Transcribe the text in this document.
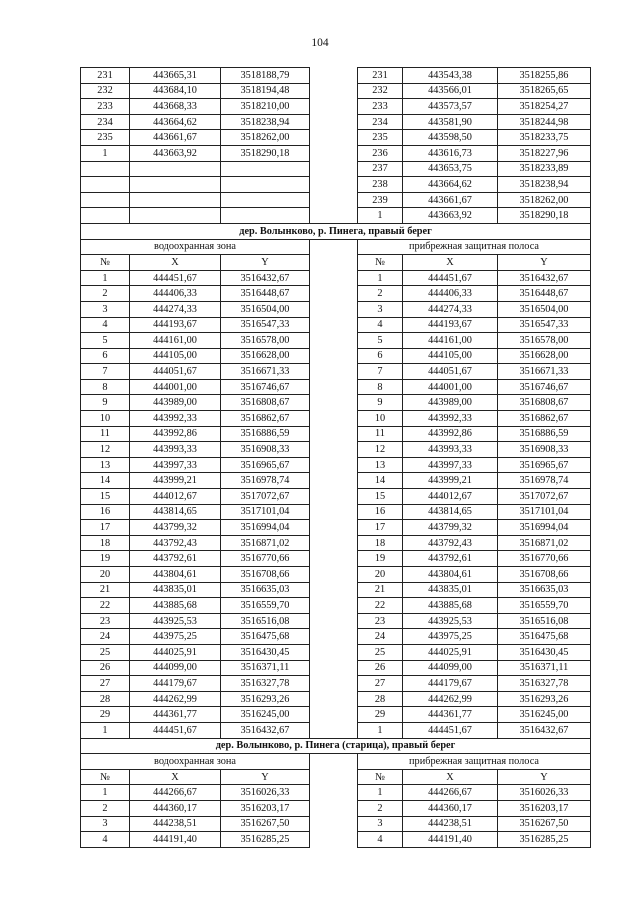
104
231	443665,31	3518188,79		231	443543,38	3518255,86
232	443684,10	3518194,48		232	443566,01	3518265,65
233	443668,33	3518210,00		233	443573,57	3518254,27
234	443664,62	3518238,94		234	443581,90	3518244,98
235	443661,67	3518262,00		235	443598,50	3518233,75
1	443663,92	3518290,18		236	443616,73	3518227,96
				237	443653,75	3518233,89
				238	443664,62	3518238,94
				239	443661,67	3518262,00
				1	443663,92	3518290,18
дер. Волынково, р. Пинега, правый берег						
водоохранная зона				прибрежная защитная полоса		
№	X	Y		№	X	Y
1	444451,67	3516432,67		1	444451,67	3516432,67
2	444406,33	3516448,67		2	444406,33	3516448,67
3	444274,33	3516504,00		3	444274,33	3516504,00
4	444193,67	3516547,33		4	444193,67	3516547,33
5	444161,00	3516578,00		5	444161,00	3516578,00
6	444105,00	3516628,00		6	444105,00	3516628,00
7	444051,67	3516671,33		7	444051,67	3516671,33
8	444001,00	3516746,67		8	444001,00	3516746,67
9	443989,00	3516808,67		9	443989,00	3516808,67
10	443992,33	3516862,67		10	443992,33	3516862,67
11	443992,86	3516886,59		11	443992,86	3516886,59
12	443993,33	3516908,33		12	443993,33	3516908,33
13	443997,33	3516965,67		13	443997,33	3516965,67
14	443999,21	3516978,74		14	443999,21	3516978,74
15	444012,67	3517072,67		15	444012,67	3517072,67
16	443814,65	3517101,04		16	443814,65	3517101,04
17	443799,32	3516994,04		17	443799,32	3516994,04
18	443792,43	3516871,02		18	443792,43	3516871,02
19	443792,61	3516770,66		19	443792,61	3516770,66
20	443804,61	3516708,66		20	443804,61	3516708,66
21	443835,01	3516635,03		21	443835,01	3516635,03
22	443885,68	3516559,70		22	443885,68	3516559,70
23	443925,53	3516516,08		23	443925,53	3516516,08
24	443975,25	3516475,68		24	443975,25	3516475,68
25	444025,91	3516430,45		25	444025,91	3516430,45
26	444099,00	3516371,11		26	444099,00	3516371,11
27	444179,67	3516327,78		27	444179,67	3516327,78
28	444262,99	3516293,26		28	444262,99	3516293,26
29	444361,77	3516245,00		29	444361,77	3516245,00
1	444451,67	3516432,67		1	444451,67	3516432,67
дер. Волынково, р. Пинега (старица), правый берег						
водоохранная зона				прибрежная защитная полоса		
№	X	Y		№	X	Y
1	444266,67	3516026,33		1	444266,67	3516026,33
2	444360,17	3516203,17		2	444360,17	3516203,17
3	444238,51	3516267,50		3	444238,51	3516267,50
4	444191,40	3516285,25		4	444191,40	3516285,25
